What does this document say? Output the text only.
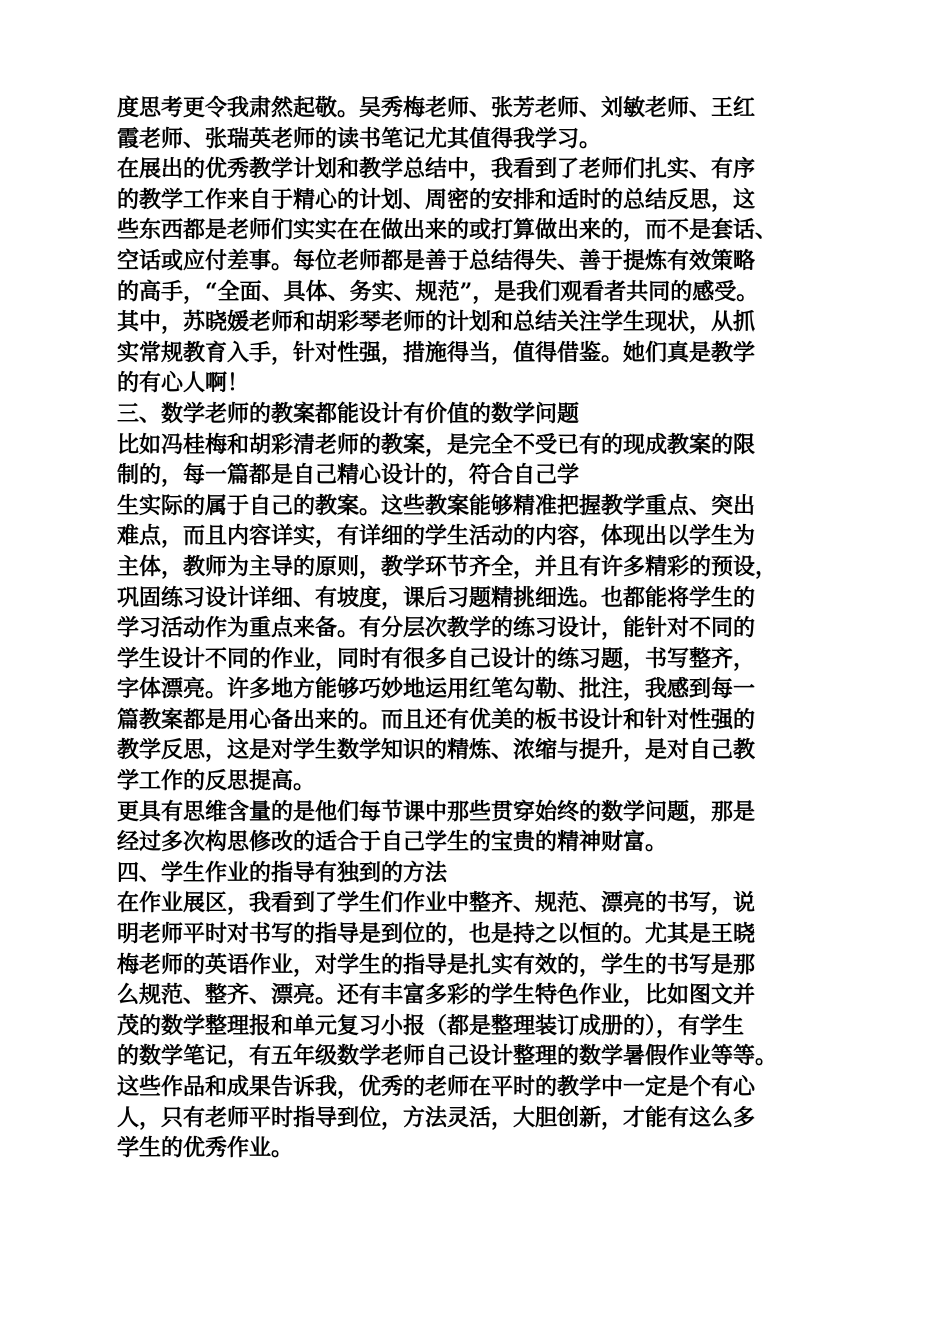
度思考更令我肃然起敬。吴秀梅老师、张芳老师、刘敏老师、王红
霞老师、张瑞英老师的读书笔记尤其值得我学习。
在展出的优秀教学计划和教学总结中，我看到了老师们扎实、有序
的教学工作来自于精心的计划、周密的安排和适时的总结反思，这
些东西都是老师们实实在在做出来的或打算做出来的，而不是套话、
空话或应付差事。每位老师都是善于总结得失、善于提炼有效策略
的高手，“全面、具体、务实、规范”，是我们观看者共同的感受。
其中，苏晓媛老师和胡彩琴老师的计划和总结关注学生现状，从抓
实常规教育入手，针对性强，措施得当，值得借鉴。她们真是教学
的有心人啊！
三、数学老师的教案都能设计有价值的数学问题
比如冯桂梅和胡彩清老师的教案，是完全不受已有的现成教案的限
制的，每一篇都是自己精心设计的，符合自己学
生实际的属于自己的教案。这些教案能够精准把握教学重点、突出
难点，而且内容详实，有详细的学生活动的内容，体现出以学生为
主体，教师为主导的原则，教学环节齐全，并且有许多精彩的预设，
巩固练习设计详细、有坡度，课后习题精挑细选。也都能将学生的
学习活动作为重点来备。有分层次教学的练习设计，能针对不同的
学生设计不同的作业，同时有很多自己设计的练习题，书写整齐，
字体漂亮。许多地方能够巧妙地运用红笔勾勒、批注，我感到每一
篇教案都是用心备出来的。而且还有优美的板书设计和针对性强的
教学反思，这是对学生数学知识的精炼、浓缩与提升，是对自己教
学工作的反思提高。
更具有思维含量的是他们每节课中那些贯穿始终的数学问题，那是
经过多次构思修改的适合于自己学生的宝贵的精神财富。
四、学生作业的指导有独到的方法
在作业展区，我看到了学生们作业中整齐、规范、漂亮的书写，说
明老师平时对书写的指导是到位的，也是持之以恒的。尤其是王晓
梅老师的英语作业，对学生的指导是扎实有效的，学生的书写是那
么规范、整齐、漂亮。还有丰富多彩的学生特色作业，比如图文并
茂的数学整理报和单元复习小报（都是整理装订成册的），有学生
的数学笔记，有五年级数学老师自己设计整理的数学暑假作业等等。
这些作品和成果告诉我，优秀的老师在平时的教学中一定是个有心
人，只有老师平时指导到位，方法灵活，大胆创新，才能有这么多
学生的优秀作业。
